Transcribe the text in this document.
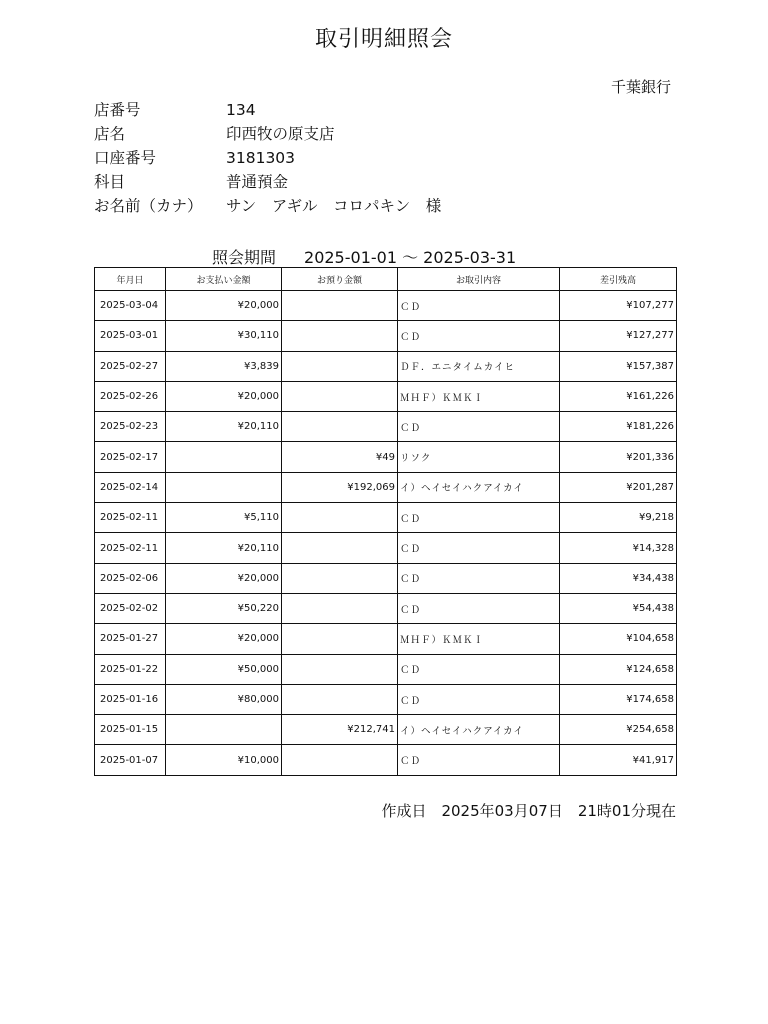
取引明細照会
千葉銀行
店番号	134
店名	印西牧の原支店
口座番号	3181303
科目	普通預金
お名前（カナ）	サン　アギル　コロパキン　様
照会期間 2025-01-01 ～ 2025-03-31
年月日	お支払い金額	お預り金額	お取引内容	差引残高
2025-03-04	¥20,000		ＣＤ	¥107,277
2025-03-01	¥30,110		ＣＤ	¥127,277
2025-02-27	¥3,839		ＤＦ．エニタイムカイヒ	¥157,387
2025-02-26	¥20,000		ＭＨＦ）ＫＭＫＩ	¥161,226
2025-02-23	¥20,110		ＣＤ	¥181,226
2025-02-17		¥49	リソク	¥201,336
2025-02-14		¥192,069	イ）ヘイセイハクアイカイ	¥201,287
2025-02-11	¥5,110		ＣＤ	¥9,218
2025-02-11	¥20,110		ＣＤ	¥14,328
2025-02-06	¥20,000		ＣＤ	¥34,438
2025-02-02	¥50,220		ＣＤ	¥54,438
2025-01-27	¥20,000		ＭＨＦ）ＫＭＫＩ	¥104,658
2025-01-22	¥50,000		ＣＤ	¥124,658
2025-01-16	¥80,000		ＣＤ	¥174,658
2025-01-15		¥212,741	イ）ヘイセイハクアイカイ	¥254,658
2025-01-07	¥10,000		ＣＤ	¥41,917
作成日　2025年03月07日　21時01分現在
